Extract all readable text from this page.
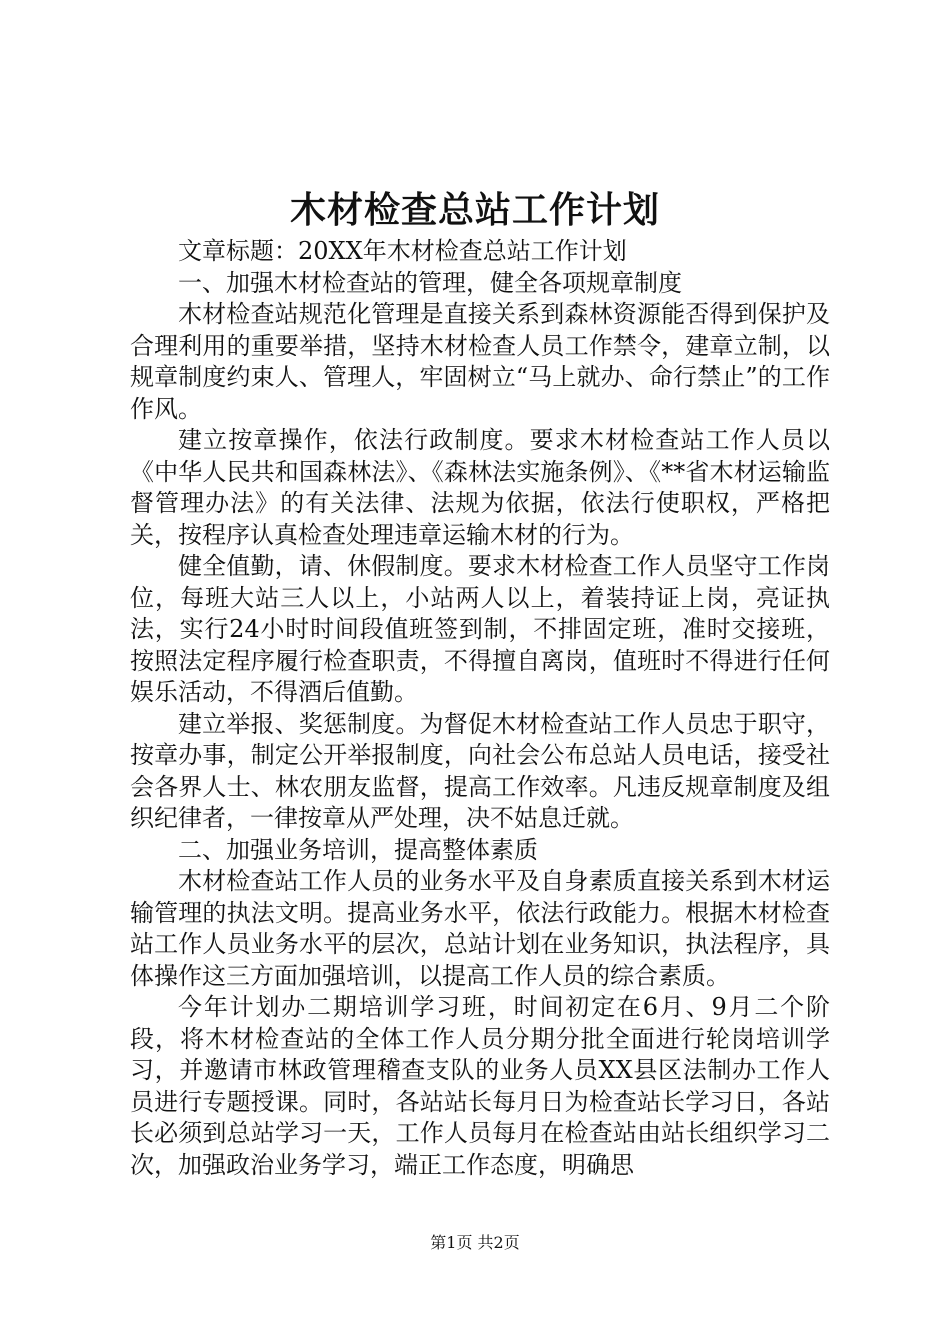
木材检查总站工作计划

文章标题：20XX年木材检查总站工作计划

一、加强木材检查站的管理，健全各项规章制度

木材检查站规范化管理是直接关系到森林资源能否得到保护及合理利用的重要举措，坚持木材检查人员工作禁令，建章立制，以规章制度约束人、管理人，牢固树立“马上就办、命行禁止”的工作作风。

建立按章操作，依法行政制度。要求木材检查站工作人员以《中华人民共和国森林法》、《森林法实施条例》、《**省木材运输监督管理办法》的有关法律、法规为依据，依法行使职权，严格把关，按程序认真检查处理违章运输木材的行为。

健全值勤，请、休假制度。要求木材检查工作人员坚守工作岗位，每班大站三人以上，小站两人以上，着装持证上岗，亮证执法，实行24小时时间段值班签到制，不排固定班，准时交接班，按照法定程序履行检查职责，不得擅自离岗，值班时不得进行任何娱乐活动，不得酒后值勤。

建立举报、奖惩制度。为督促木材检查站工作人员忠于职守，按章办事，制定公开举报制度，向社会公布总站人员电话，接受社会各界人士、林农朋友监督，提高工作效率。凡违反规章制度及组织纪律者，一律按章从严处理，决不姑息迁就。

二、加强业务培训，提高整体素质

木材检查站工作人员的业务水平及自身素质直接关系到木材运输管理的执法文明。提高业务水平，依法行政能力。根据木材检查站工作人员业务水平的层次，总站计划在业务知识，执法程序，具体操作这三方面加强培训，以提高工作人员的综合素质。

今年计划办二期培训学习班，时间初定在6月、9月二个阶段，将木材检查站的全体工作人员分期分批全面进行轮岗培训学习，并邀请市林政管理稽查支队的业务人员XX县区法制办工作人员进行专题授课。同时，各站站长每月日为检查站长学习日，各站长必须到总站学习一天，工作人员每月在检查站由站长组织学习二次，加强政治业务学习，端正工作态度，明确思

第1页 共2页
